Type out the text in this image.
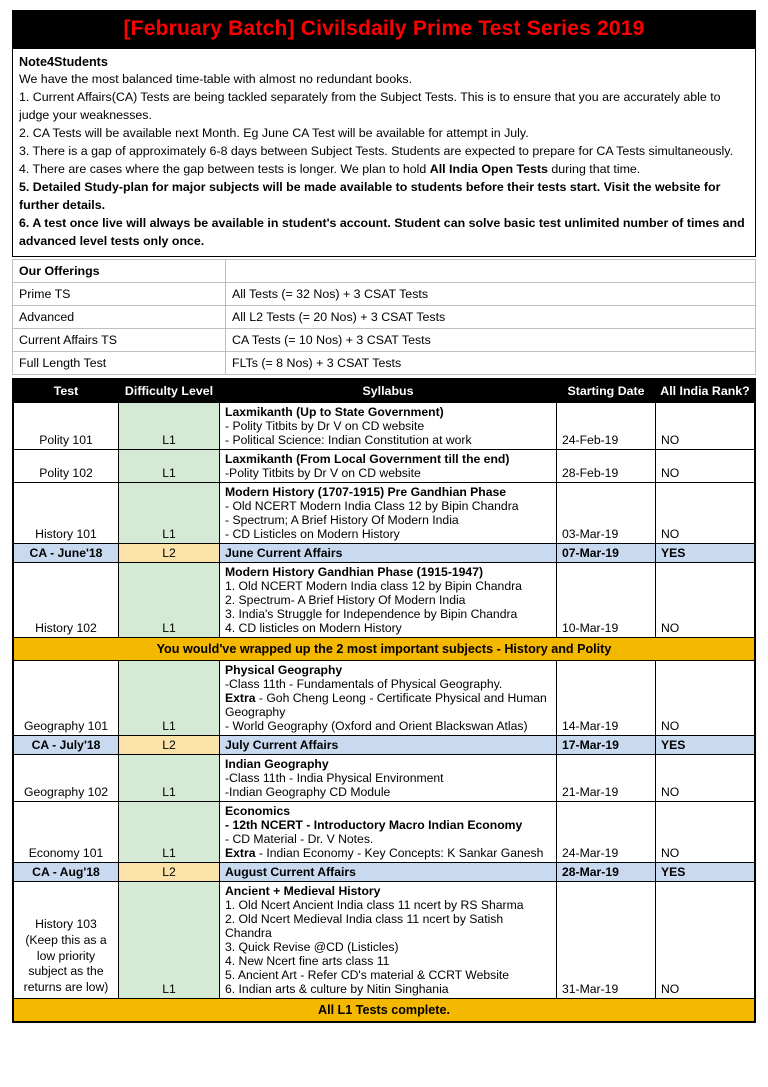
[February Batch] Civilsdaily Prime Test Series 2019

Note4Students

We have the most balanced time-table with almost no redundant books.

1. Current Affairs(CA) Tests are being tackled separately from the Subject Tests. This is to ensure that you are accurately able to judge your weaknesses.

2. CA Tests will be available next Month. Eg June CA Test will be available for attempt in July.

3. There is a gap of approximately 6-8 days between Subject Tests. Students are expected to prepare for CA Tests simultaneously.

4. There are cases where the gap between tests is longer. We plan to hold All India Open Tests during that time.

5. Detailed Study-plan for major subjects will be made available to students before their tests start. Visit the website for further details.

6. A test once live will always be available in student's account. Student can solve basic test unlimited number of times and advanced level tests only once.

Our Offerings	
Prime TS	All Tests (= 32 Nos) + 3 CSAT Tests
Advanced	All L2 Tests (= 20 Nos) + 3 CSAT Tests
Current Affairs TS	CA Tests (= 10 Nos) + 3 CSAT Tests
Full Length Test	FLTs (= 8 Nos) + 3 CSAT Tests
Test	Difficulty Level	Syllabus	Starting Date	All India Rank?
Polity 101	L1	Laxmikanth (Up to State Government)
- Polity Titbits by Dr V on CD website
- Political Science: Indian Constitution at work	24-Feb-19	NO
Polity 102	L1	Laxmikanth (From Local Government till the end)
-Polity Titbits by Dr V on CD website	28-Feb-19	NO
History 101	L1	Modern History (1707-1915) Pre Gandhian Phase
- Old NCERT Modern India Class 12 by Bipin Chandra
- Spectrum; A Brief History Of Modern India
- CD Listicles on Modern History	03-Mar-19	NO
CA - June'18	L2	June Current Affairs	07-Mar-19	YES
History 102	L1	Modern History Gandhian Phase (1915-1947)
1. Old NCERT Modern India class 12 by Bipin Chandra
2. Spectrum- A Brief History Of Modern India
3. India's Struggle for Independence by Bipin Chandra
4. CD listicles on Modern History	10-Mar-19	NO
You would've wrapped up the 2 most important subjects - History and Polity				
Geography 101	L1	Physical Geography
-Class 11th - Fundamentals of Physical Geography.
Extra - Goh Cheng Leong - Certificate Physical and Human Geography
- World Geography (Oxford and Orient Blackswan Atlas)	14-Mar-19	NO
CA - July'18	L2	July Current Affairs	17-Mar-19	YES
Geography 102	L1	Indian Geography
-Class 11th - India Physical Environment
-Indian Geography CD Module	21-Mar-19	NO
Economy 101	L1	Economics
- 12th NCERT - Introductory Macro Indian Economy
- CD Material - Dr. V Notes.
Extra - Indian Economy - Key Concepts: K Sankar Ganesh	24-Mar-19	NO
CA - Aug'18	L2	August Current Affairs	28-Mar-19	YES
History 103 (Keep this as a low priority subject as the returns are low)	L1	
Ancient + Medieval History
1. Old Ncert Ancient India class 11 ncert by RS Sharma
2. Old Ncert Medieval India class 11 ncert by Satish Chandra
3. Quick Revise @CD (Listicles)
4. New Ncert fine arts class 11
5. Ancient Art - Refer CD's material & CCRT Website
6. Indian arts & culture by Nitin Singhania	31-Mar-19	NO
All L1 Tests complete.				
